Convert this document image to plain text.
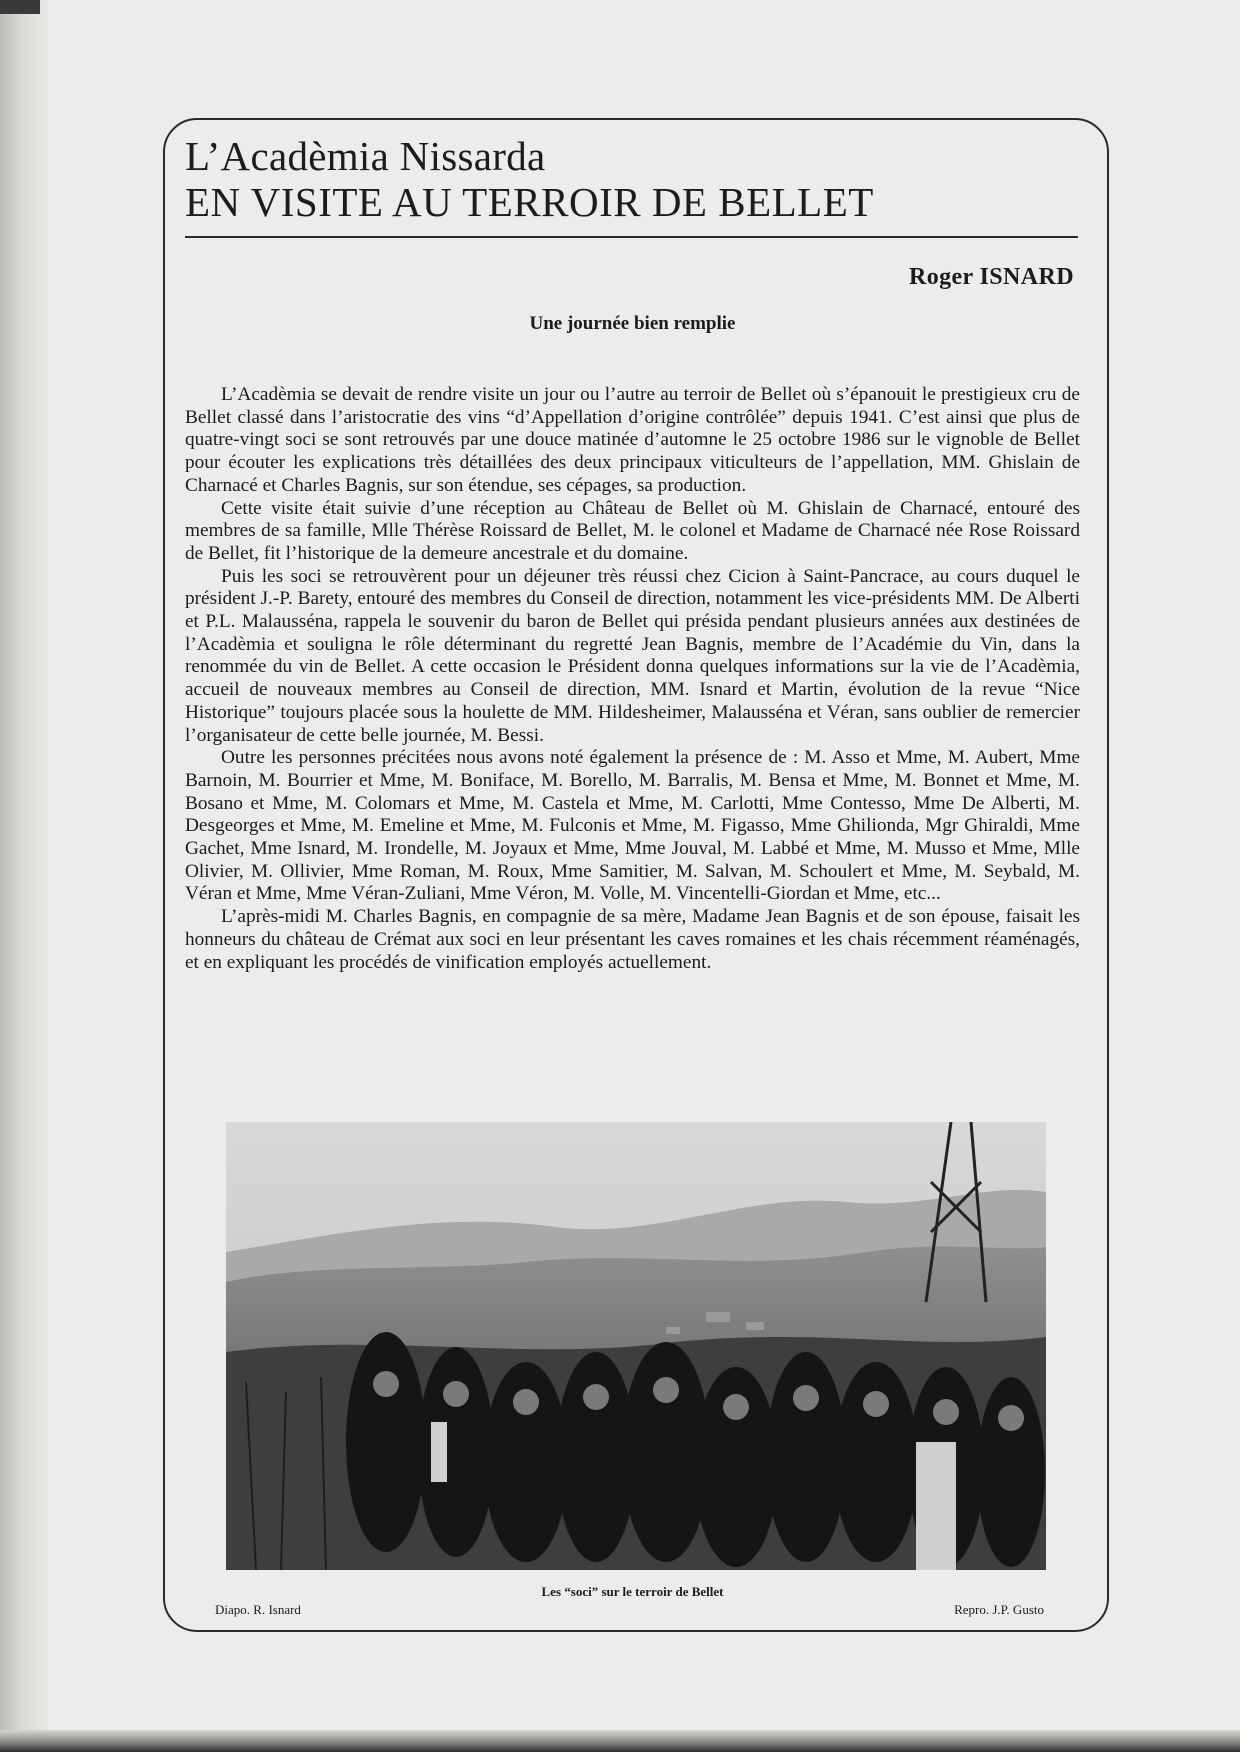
L’Acadèmia Nissarda
EN VISITE AU TERROIR DE BELLET
Roger ISNARD
Une journée bien remplie

L’Acadèmia se devait de rendre visite un jour ou l’autre au terroir de Bellet où s’épanouit le prestigieux cru de Bellet classé dans l’aristocratie des vins “d’Appellation d’origine contrôlée” depuis 1941. C’est ainsi que plus de quatre-vingt soci se sont retrouvés par une douce matinée d’automne le 25 octobre 1986 sur le vignoble de Bellet pour écouter les explications très détaillées des deux principaux viticulteurs de l’appellation, MM. Ghislain de Charnacé et Charles Bagnis, sur son étendue, ses cépages, sa production.

Cette visite était suivie d’une réception au Château de Bellet où M. Ghislain de Charnacé, entouré des membres de sa famille, Mlle Thérèse Roissard de Bellet, M. le colonel et Madame de Charnacé née Rose Roissard de Bellet, fit l’historique de la demeure ancestrale et du domaine.

Puis les soci se retrouvèrent pour un déjeuner très réussi chez Cicion à Saint-Pancrace, au cours duquel le président J.-P. Barety, entouré des membres du Conseil de direction, notamment les vice-présidents MM. De Alberti et P.L. Malausséna, rappela le souvenir du baron de Bellet qui présida pendant plusieurs années aux destinées de l’Acadèmia et souligna le rôle déterminant du regretté Jean Bagnis, membre de l’Académie du Vin, dans la renommée du vin de Bellet. A cette occasion le Président donna quelques informations sur la vie de l’Acadèmia, accueil de nouveaux membres au Conseil de direction, MM. Isnard et Martin, évolution de la revue “Nice Historique” toujours placée sous la houlette de MM. Hildesheimer, Malausséna et Véran, sans oublier de remercier l’organisateur de cette belle journée, M. Bessi.

Outre les personnes précitées nous avons noté également la présence de : M. Asso et Mme, M. Aubert, Mme Barnoin, M. Bourrier et Mme, M. Boniface, M. Borello, M. Barralis, M. Bensa et Mme, M. Bonnet et Mme, M. Bosano et Mme, M. Colomars et Mme, M. Castela et Mme, M. Carlotti, Mme Contesso, Mme De Alberti, M. Desgeorges et Mme, M. Emeline et Mme, M. Fulconis et Mme, M. Figasso, Mme Ghilionda, Mgr Ghiraldi, Mme Gachet, Mme Isnard, M. Irondelle, M. Joyaux et Mme, Mme Jouval, M. Labbé et Mme, M. Musso et Mme, Mlle Olivier, M. Ollivier, Mme Roman, M. Roux, Mme Samitier, M. Salvan, M. Schoulert et Mme, M. Seybald, M. Véran et Mme, Mme Véran-Zuliani, Mme Véron, M. Volle, M. Vincentelli-Giordan et Mme, etc...

L’après-midi M. Charles Bagnis, en compagnie de sa mère, Madame Jean Bagnis et de son épouse, faisait les honneurs du château de Crémat aux soci en leur présentant les caves romaines et les chais récemment réaménagés, et en expliquant les procédés de vinification employés actuellement.

Les “soci” sur le terroir de Bellet
Diapo. R. Isnard	Repro. J.P. Gusto
